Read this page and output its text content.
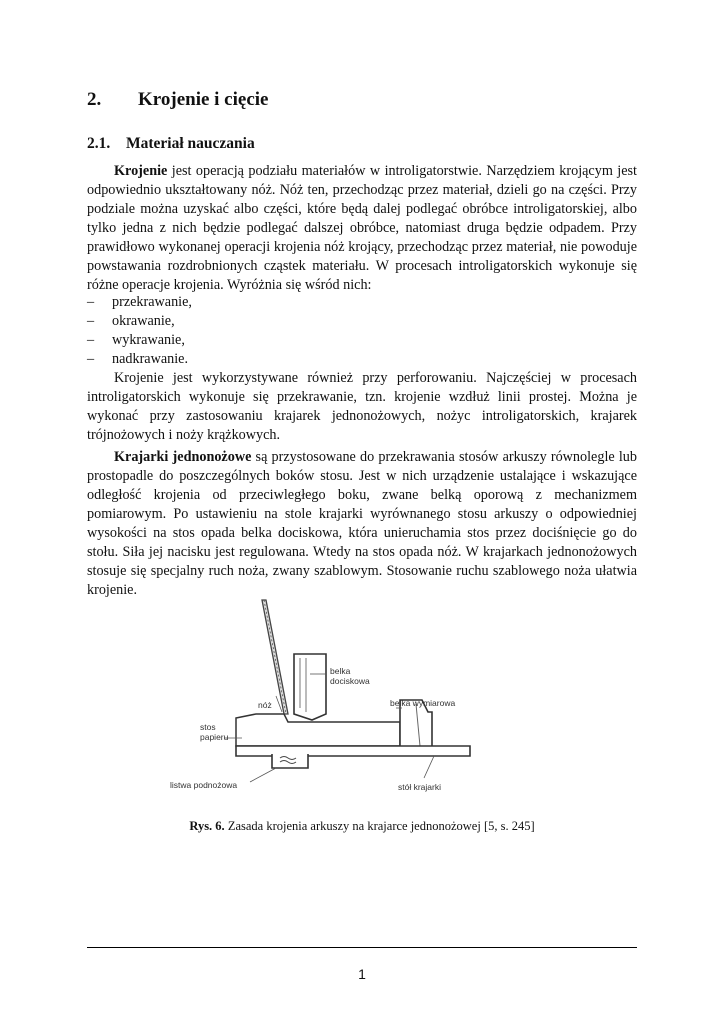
2. Krojenie i cięcie
2.1. Materiał nauczania

Krojenie jest operacją podziału materiałów w introligatorstwie. Narzędziem krojącym jest odpowiednio ukształtowany nóż. Nóż ten, przechodząc przez materiał, dzieli go na części. Przy podziale można uzyskać albo części, które będą dalej podlegać obróbce introligatorskiej, albo tylko jedna z nich będzie podlegać dalszej obróbce, natomiast druga będzie odpadem. Przy prawidłowo wykonanej operacji krojenia nóż krojący, przechodząc przez materiał, nie powoduje powstawania rozdrobnionych cząstek materiału. W procesach introligatorskich wykonuje się różne operacje krojenia. Wyróżnia się wśród nich:

– przekrawanie,
– okrawanie,
– wykrawanie,
– nadkrawanie.

Krojenie jest wykorzystywane również przy perforowaniu. Najczęściej w procesach introligatorskich wykonuje się przekrawanie, tzn. krojenie wzdłuż linii prostej. Można je wykonać przy zastosowaniu krajarek jednonożowych, nożyc introligatorskich, krajarek trójnożowych i noży krążkowych.

Krajarki jednonożowe są przystosowane do przekrawania stosów arkuszy równolegle lub prostopadle do poszczególnych boków stosu. Jest w nich urządzenie ustalające i wskazujące odległość krojenia od przeciwległego boku, zwane belką oporową z mechanizmem pomiarowym. Po ustawieniu na stole krajarki wyrównanego stosu arkuszy o odpowiedniej wysokości na stos opada belka dociskowa, która unieruchamia stos przez dociśnięcie go do stołu. Siła jej nacisku jest regulowana. Wtedy na stos opada nóż. W krajarkach jednonożowych stosuje się specjalny ruch noża, zwany szablowym. Stosowanie ruchu szablowego noża ułatwia krojenie.

nóż
belka dociskowa
belka wymiarowa
stos papieru
listwa podnożowa	stół krajarki
Rys. 6. Zasada krojenia arkuszy na krajarce jednonożowej [5, s. 245]
1
